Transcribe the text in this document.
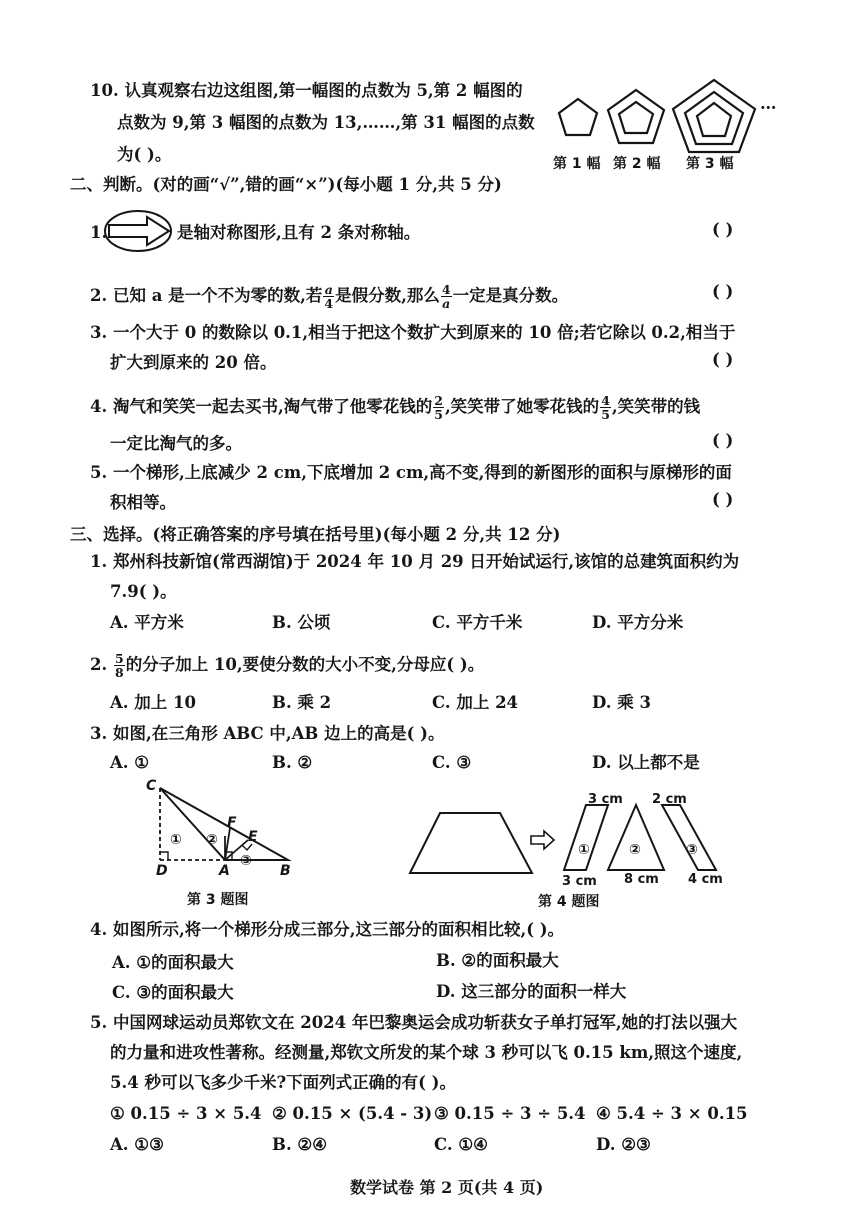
10. 认真观察右边这组图,第一幅图的点数为 5,第 2 幅图的
点数为 9,第 3 幅图的点数为 13,……,第 31 幅图的点数
为( )。
…
第 1 幅 第 2 幅 第 3 幅
二、判断。(对的画“√”,错的画“×”)(每小题 1 分,共 5 分)
1.	是轴对称图形,且有 2 条对称轴。	( )
2. 已知 a 是一个不为零的数,若 $\frac{a}{4}$ 是假分数,那么 $\frac{4}{a}$ 一定是真分数。	( )
3. 一个大于 0 的数除以 0.1,相当于把这个数扩大到原来的 10 倍;若它除以 0.2,相当于
扩大到原来的 20 倍。	( )
4. 淘气和笑笑一起去买书,淘气带了他零花钱的 $\frac{2}{5}$ ,笑笑带了她零花钱的 $\frac{4}{5}$ ,笑笑带的钱
一定比淘气的多。	( )
5. 一个梯形,上底减少 2 cm,下底增加 2 cm,高不变,得到的新图形的面积与原梯形的面
积相等。	( )
三、选择。(将正确答案的序号填在括号里)(每小题 2 分,共 12 分)
1. 郑州科技新馆(常西湖馆)于 2024 年 10 月 29 日开始试运行,该馆的总建筑面积约为
7.9( )。
A. 平方米	B. 公顷	C. 平方千米	D. 平方分米
2. $\frac{5}{8}$ 的分子加上 10,要使分数的大小不变,分母应( )。
A. 加上 10	B. 乘 2	C. 加上 24	D. 乘 3
3. 如图,在三角形 ABC 中,AB 边上的高是( )。
A. ①	B. ②	C. ③	D. 以上都不是
C
F
E
D	A	B
① ②
③
第 3 题图
3 cm 2 cm
①	②	③
3 cm 8 cm 4 cm
第 4 题图
4. 如图所示,将一个梯形分成三部分,这三部分的面积相比较,( )。
A. ①的面积最大	B. ②的面积最大
C. ③的面积最大	D. 这三部分的面积一样大
5. 中国网球运动员郑钦文在 2024 年巴黎奥运会成功斩获女子单打冠军,她的打法以强大
的力量和进攻性著称。经测量,郑钦文所发的某个球 3 秒可以飞 0.15 km,照这个速度,
5.4 秒可以飞多少千米?下面列式正确的有( )。
① 0.15 ÷ 3 × 5.4 ② 0.15 × (5.4 - 3) ③ 0.15 ÷ 3 ÷ 5.4 ④ 5.4 ÷ 3 × 0.15
A. ①③	B. ②④	C. ①④	D. ②③
数学试卷 第 2 页(共 4 页)
